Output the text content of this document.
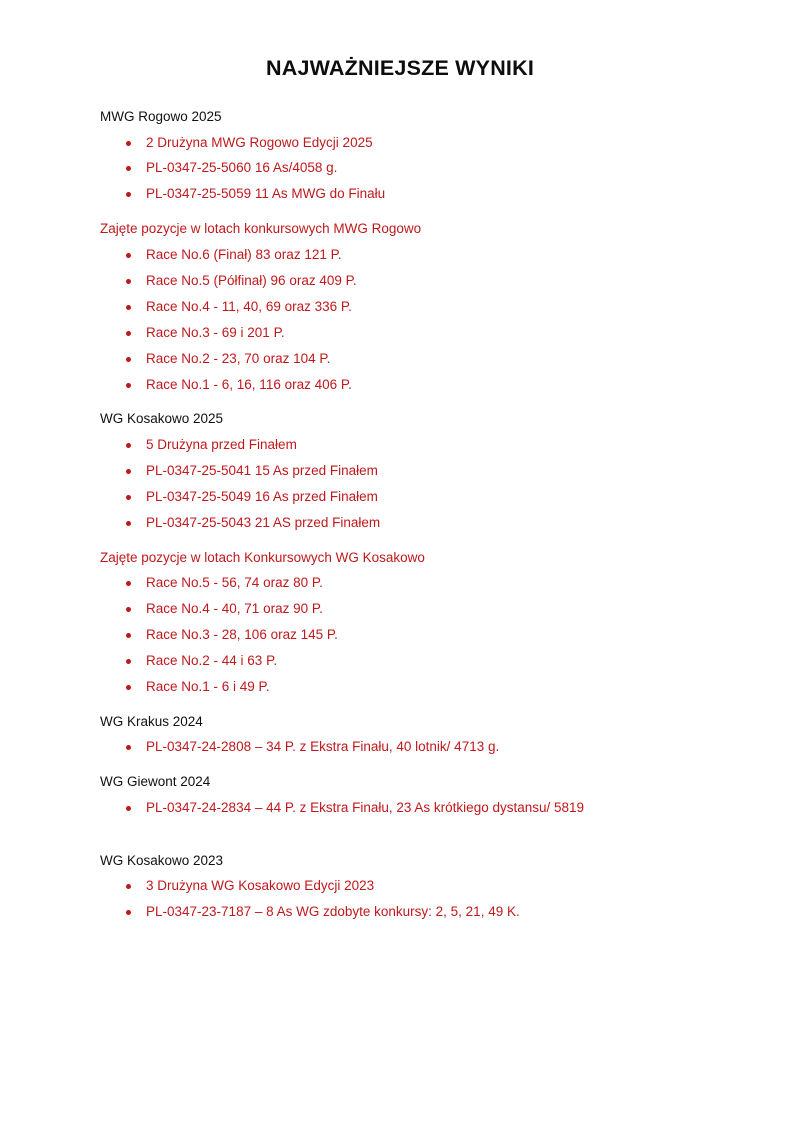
NAJWAŻNIEJSZE WYNIKI
MWG Rogowo 2025
2 Drużyna MWG Rogowo Edycji 2025
PL-0347-25-5060 16 As/4058 g.
PL-0347-25-5059 11 As MWG do Finału
Zajęte pozycje w lotach konkursowych MWG Rogowo
Race No.6 (Finał) 83 oraz 121 P.
Race No.5 (Półfinał) 96 oraz 409 P.
Race No.4 - 11, 40, 69 oraz 336 P.
Race No.3 - 69 i 201 P.
Race No.2 - 23, 70 oraz 104 P.
Race No.1 - 6, 16, 116 oraz 406 P.
WG Kosakowo 2025
5 Drużyna przed Finałem
PL-0347-25-5041 15 As przed Finałem
PL-0347-25-5049 16 As przed Finałem
PL-0347-25-5043 21 AS przed Finałem
Zajęte pozycje w lotach Konkursowych WG Kosakowo
Race No.5 - 56, 74 oraz 80 P.
Race No.4 - 40, 71 oraz 90 P.
Race No.3 - 28, 106 oraz 145 P.
Race No.2 - 44 i 63 P.
Race No.1 - 6 i 49 P.
WG Krakus 2024
PL-0347-24-2808 – 34 P. z Ekstra Finału, 40 lotnik/ 4713 g.
WG Giewont 2024
PL-0347-24-2834 – 44 P. z Ekstra Finału, 23 As krótkiego dystansu/ 5819
WG Kosakowo 2023
3 Drużyna WG Kosakowo Edycji 2023
PL-0347-23-7187 – 8 As WG zdobyte konkursy: 2, 5, 21, 49 K.
